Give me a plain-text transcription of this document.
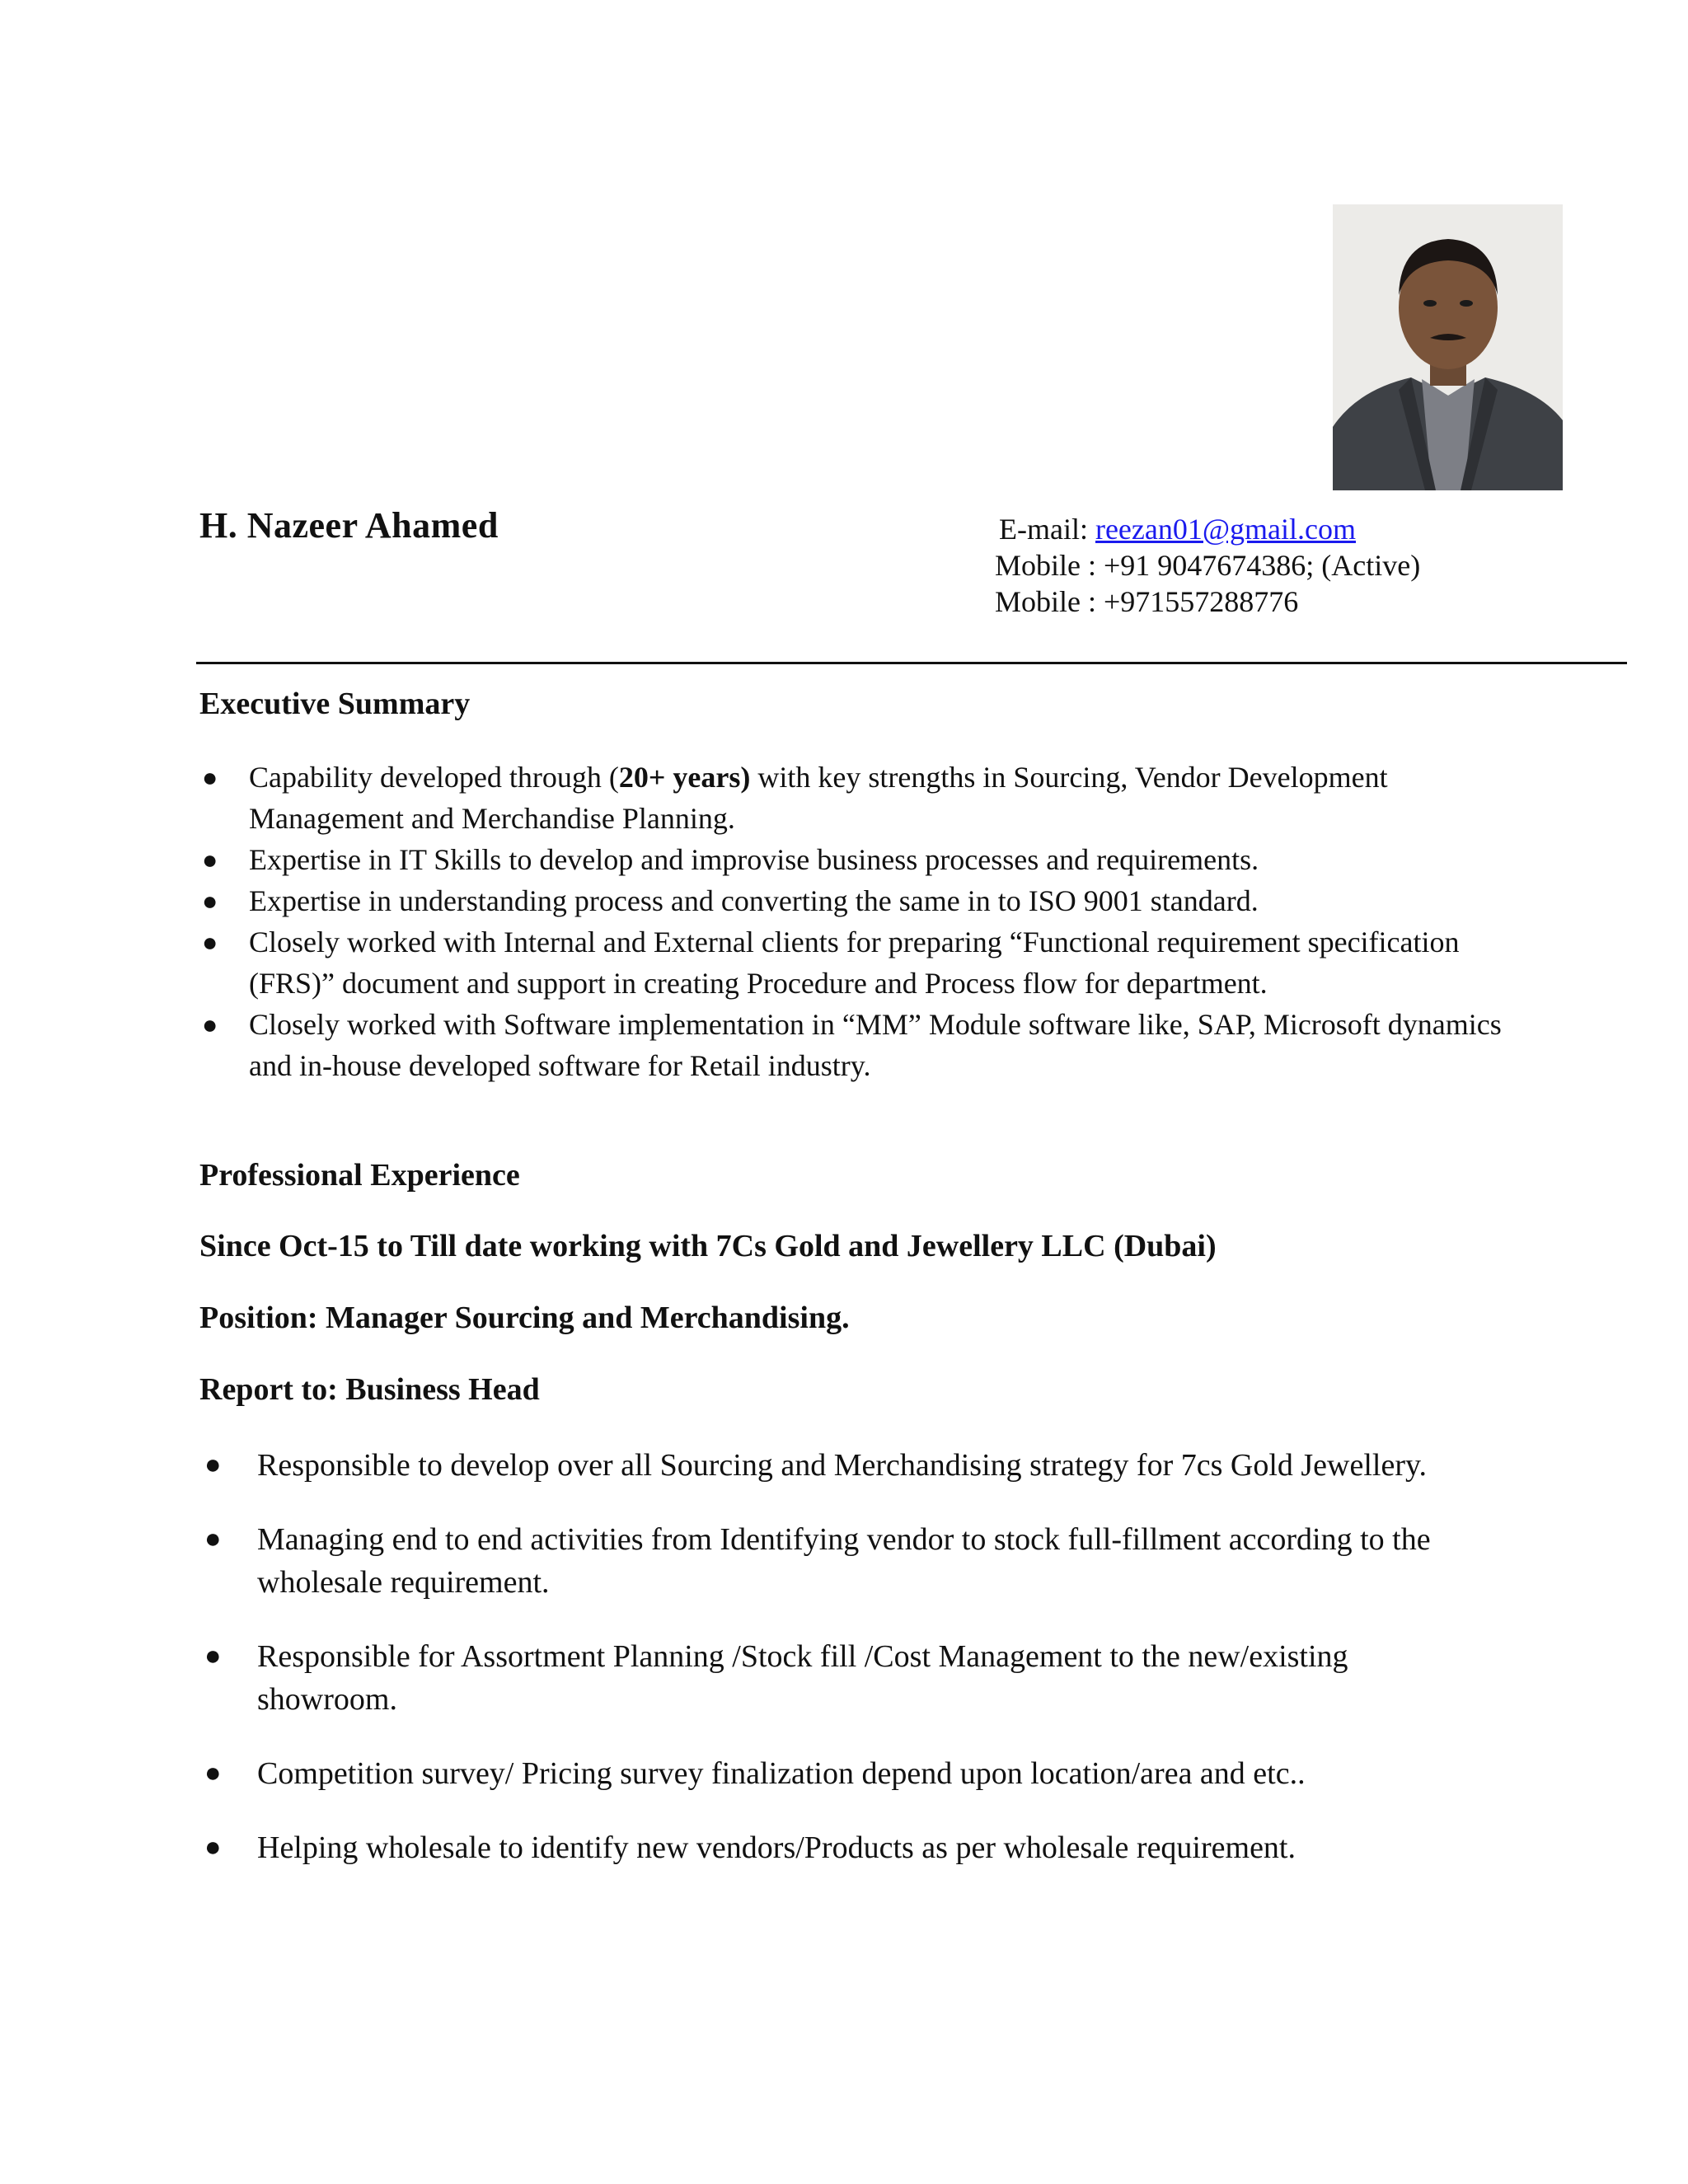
H. Nazeer Ahamed	E-mail: reezan01@gmail.com
Mobile : +91 9047674386; (Active)
Mobile : +971557288776
Executive Summary
● Capability developed through (20+ years) with key strengths in Sourcing, Vendor Development Management and Merchandise Planning.
● Expertise in IT Skills to develop and improvise business processes and requirements.
● Expertise in understanding process and converting the same in to ISO 9001 standard.
● Closely worked with Internal and External clients for preparing “Functional requirement specification (FRS)” document and support in creating Procedure and Process flow for department.
● Closely worked with Software implementation in “MM” Module software like, SAP, Microsoft dynamics and in-house developed software for Retail industry.
Professional Experience
Since Oct-15 to Till date working with 7Cs Gold and Jewellery LLC (Dubai)
Position: Manager Sourcing and Merchandising.
Report to: Business Head
● Responsible to develop over all Sourcing and Merchandising strategy for 7cs Gold Jewellery.
● Managing end to end activities from Identifying vendor to stock full-fillment according to the wholesale requirement.
● Responsible for Assortment Planning /Stock fill /Cost Management to the new/existing showroom.
● Competition survey/ Pricing survey finalization depend upon location/area and etc..
● Helping wholesale to identify new vendors/Products as per wholesale requirement.
